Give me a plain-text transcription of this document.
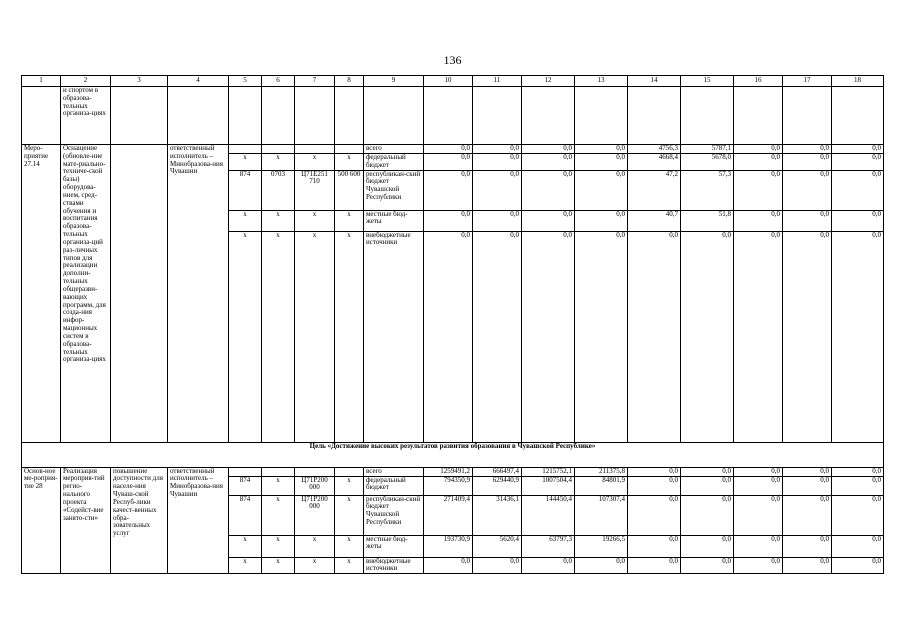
136
1	2	3	4	5	6	7	8	9	10	11	12	13	14	15	16	17	18
	и спортом в образова-тельных организа-циях																
Меро-приятие 27.14	Оснащение (обновле-ние мате-риально-техниче-ской базы) оборудова-нием, сред-ствами обучения и воспитания образова-тельных организа-ций раз-личных типов для реализации дополни-тельных общеразви-вающих программ, для созда-ния инфор-мационных систем в образова-тельных организа-циях		ответственный исполнитель – Минобразова-ния Чувашии					всего	0,0	0,0	0,0	0,0	4756,3	5787,1	0,0	0,0	0,0
				x	x	x	x	федеральный бюджет	0,0	0,0	0,0	0,0	4668,4	5678,0	0,0	0,0	0,0
				874	0703	Ц71Е251 710	500 600	республикан-ский бюджет Чувашской Республики	0,0	0,0	0,0	0,0	47,2	57,3	0,0	0,0	0,0
				x	x	x	x	местные бюд-жеты	0,0	0,0	0,0	0,0	40,7	51,8	0,0	0,0	0,0
				x	x	x	x	внебюджетные источники	0,0	0,0	0,0	0,0	0,0	0,0	0,0	0,0	0,0
Цель «Достижение высоких результатов развития образования в Чувашской Республике»																	
Основ-ное ме-роприя-тие 28	Реализация мероприя-тий регио-нального проекта «Содейст-вие занято-сти»	повышение доступности для населе-ния Чуваш-ской Респуб-лики качест-венных обра-зовательных услуг	ответственный исполнитель – Минобразова-ния Чувашии					всего	1259491,2	666497,4	1215752,1	211375,8	0,0	0,0	0,0	0,0	0,0
				874	x	Ц71Р200 000	x	федеральный бюджет	794350,9	629440,9	1007504,4	84801,9	0,0	0,0	0,0	0,0	0,0
				874	x	Ц71Р200 000	x	республикан-ский бюджет Чувашской Республики	271409,4	31436,1	144450,4	107307,4	0,0	0,0	0,0	0,0	0,0
				x	x	x	x	местные бюд-жеты	193730,9	5620,4	63797,3	19266,5	0,0	0,0	0,0	0,0	0,0
				x	x	x	x	внебюджетные источники	0,0	0,0	0,0	0,0	0,0	0,0	0,0	0,0	0,0
